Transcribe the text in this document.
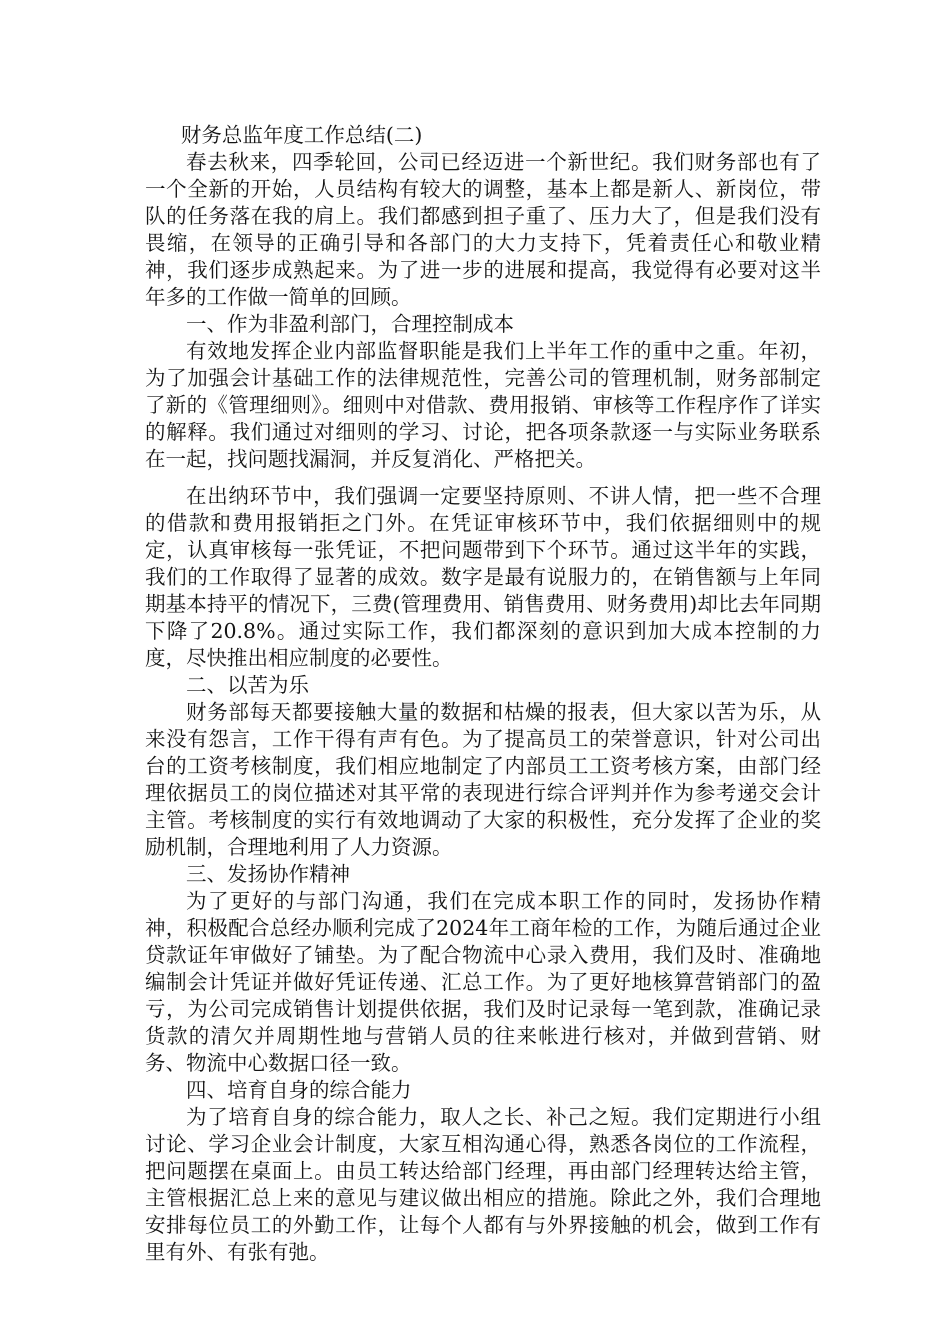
财务总监年度工作总结(二)

春去秋来，四季轮回，公司已经迈进一个新世纪。我们财务部也有了一个全新的开始，人员结构有较大的调整，基本上都是新人、新岗位，带队的任务落在我的肩上。我们都感到担子重了、压力大了，但是我们没有畏缩，在领导的正确引导和各部门的大力支持下，凭着责任心和敬业精神，我们逐步成熟起来。为了进一步的进展和提高，我觉得有必要对这半年多的工作做一简单的回顾。

一、作为非盈利部门，合理控制成本

有效地发挥企业内部监督职能是我们上半年工作的重中之重。年初，为了加强会计基础工作的法律规范性，完善公司的管理机制，财务部制定了新的《管理细则》。细则中对借款、费用报销、审核等工作程序作了详实的解释。我们通过对细则的学习、讨论，把各项条款逐一与实际业务联系在一起，找问题找漏洞，并反复消化、严格把关。

在出纳环节中，我们强调一定要坚持原则、不讲人情，把一些不合理的借款和费用报销拒之门外。在凭证审核环节中，我们依据细则中的规定，认真审核每一张凭证，不把问题带到下个环节。通过这半年的实践，我们的工作取得了显著的成效。数字是最有说服力的，在销售额与上年同期基本持平的情况下，三费(管理费用、销售费用、财务费用)却比去年同期下降了20.8%。通过实际工作，我们都深刻的意识到加大成本控制的力度，尽快推出相应制度的必要性。

二、以苦为乐

财务部每天都要接触大量的数据和枯燥的报表，但大家以苦为乐，从来没有怨言，工作干得有声有色。为了提高员工的荣誉意识，针对公司出台的工资考核制度，我们相应地制定了内部员工工资考核方案，由部门经理依据员工的岗位描述对其平常的表现进行综合评判并作为参考递交会计主管。考核制度的实行有效地调动了大家的积极性，充分发挥了企业的奖励机制，合理地利用了人力资源。

三、发扬协作精神

为了更好的与部门沟通，我们在完成本职工作的同时，发扬协作精神，积极配合总经办顺利完成了2024年工商年检的工作，为随后通过企业贷款证年审做好了铺垫。为了配合物流中心录入费用，我们及时、准确地编制会计凭证并做好凭证传递、汇总工作。为了更好地核算营销部门的盈亏，为公司完成销售计划提供依据，我们及时记录每一笔到款，准确记录货款的清欠并周期性地与营销人员的往来帐进行核对，并做到营销、财务、物流中心数据口径一致。

四、培育自身的综合能力

为了培育自身的综合能力，取人之长、补己之短。我们定期进行小组讨论、学习企业会计制度，大家互相沟通心得，熟悉各岗位的工作流程，把问题摆在桌面上。由员工转达给部门经理，再由部门经理转达给主管，主管根据汇总上来的意见与建议做出相应的措施。除此之外，我们合理地安排每位员工的外勤工作，让每个人都有与外界接触的机会，做到工作有里有外、有张有弛。
